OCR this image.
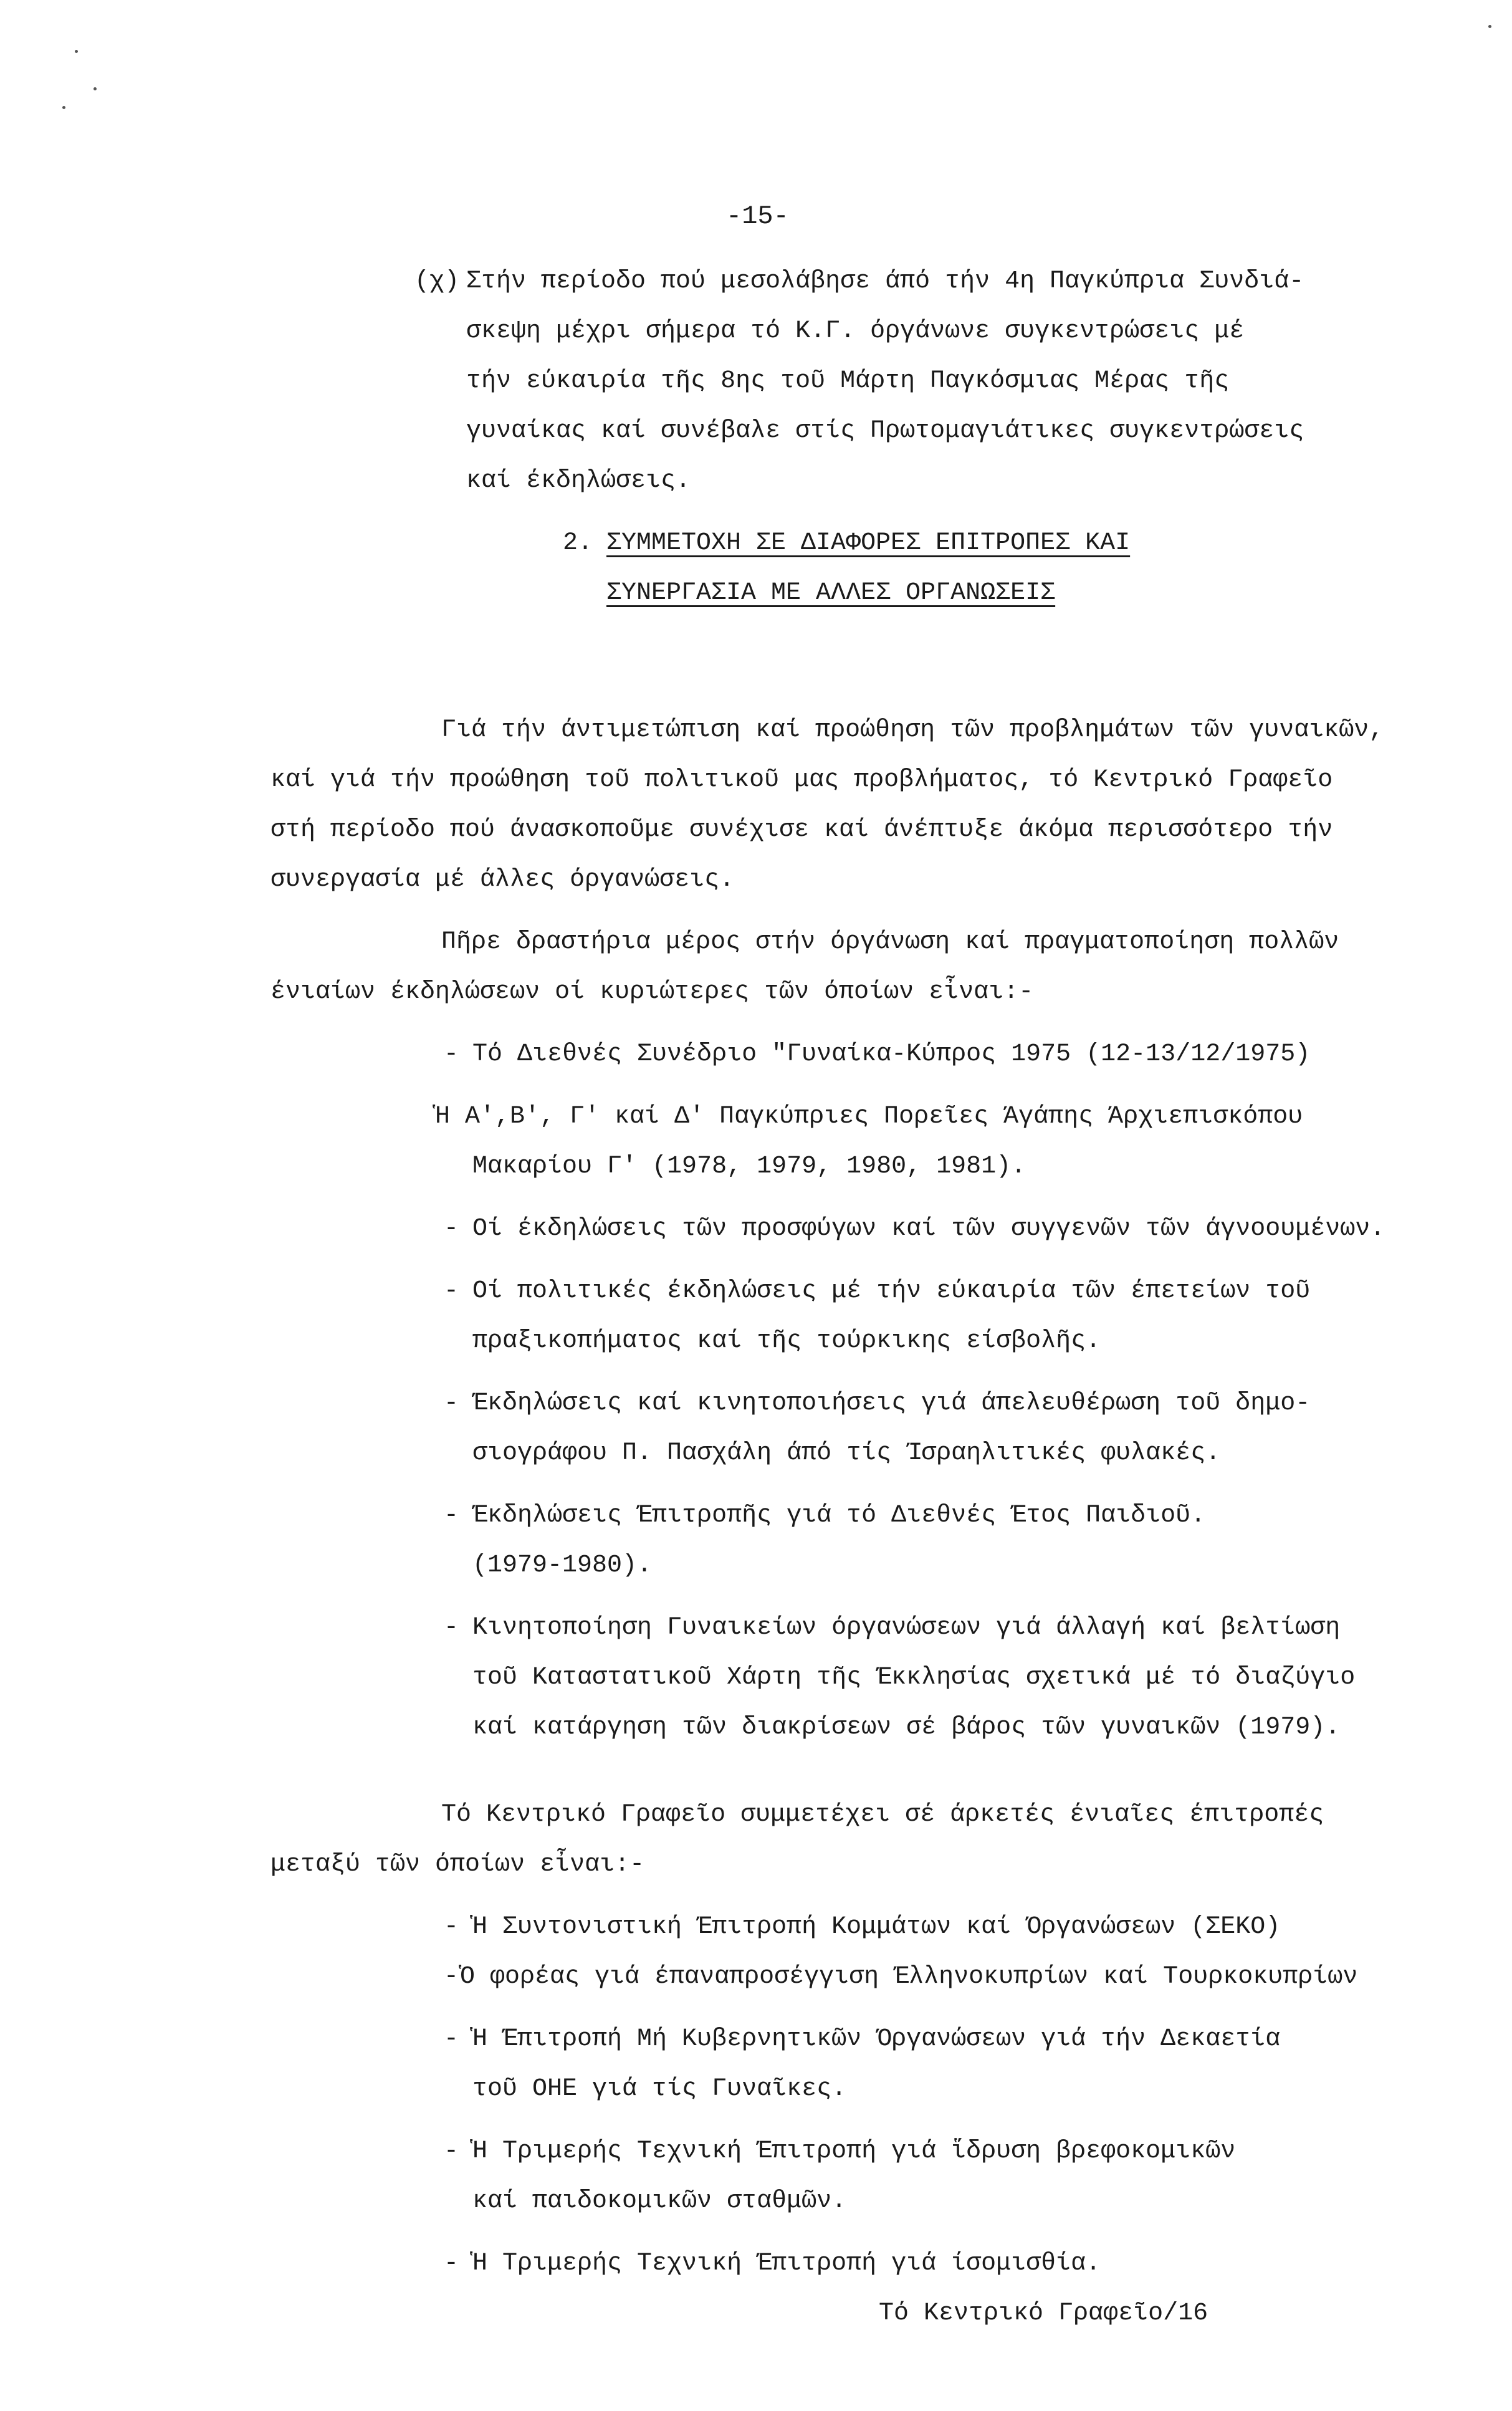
-15-
(χ) Στήν περίοδο πού μεσολάβησε άπό τήν 4η Παγκύπρια Συνδιά-
σκεψη μέχρι σήμερα τό Κ.Γ. όργάνωνε συγκεντρώσεις μέ
τήν εύκαιρία τῆς 8ης τοῦ Μάρτη Παγκόσμιας Μέρας τῆς
γυναίκας καί συνέβαλε στίς Πρωτομαγιάτικες συγκεντρώσεις
καί έκδηλώσεις.
2. ΣΥΜΜΕΤΟΧΗ ΣΕ ΔΙΑΦΟΡΕΣ ΕΠΙΤΡΟΠΕΣ ΚΑΙ
ΣΥΝΕΡΓΑΣΙΑ ΜΕ ΑΛΛΕΣ ΟΡΓΑΝΩΣΕΙΣ
Γιά τήν άντιμετώπιση καί προώθηση τῶν προβλημάτων τῶν γυναικῶν,
καί γιά τήν προώθηση τοῦ πολιτικοῦ μας προβλήματος, τό Κεντρικό Γραφεῖο
στή περίοδο πού άνασκοποῦμε συνέχισε καί άνέπτυξε άκόμα περισσότερο τήν
συνεργασία μέ άλλες όργανώσεις.
Πῆρε δραστήρια μέρος στήν όργάνωση καί πραγματοποίηση πολλῶν
ένιαίων έκδηλώσεων οί κυριώτερες τῶν όποίων εἶναι:-
- Τό Διεθνές Συνέδριο "Γυναίκα-Κύπρος 1975 (12-13/12/1975)
Ἡ Α',Β', Γ' καί Δ' Παγκύπριες Πορεῖες Άγάπης Άρχιεπισκόπου
Μακαρίου Γ' (1978, 1979, 1980, 1981).
- Οί έκδηλώσεις τῶν προσφύγων καί τῶν συγγενῶν τῶν άγνοουμένων.
- Οί πολιτικές έκδηλώσεις μέ τήν εύκαιρία τῶν έπετείων τοῦ
πραξικοπήματος καί τῆς τούρκικης είσβολῆς.
- Έκδηλώσεις καί κινητοποιήσεις γιά άπελευθέρωση τοῦ δημο-
σιογράφου Π. Πασχάλη άπό τίς Ίσραηλιτικές φυλακές.
- Έκδηλώσεις Έπιτροπῆς γιά τό Διεθνές Έτος Παιδιοῦ.
(1979-1980).
- Κινητοποίηση Γυναικείων όργανώσεων γιά άλλαγή καί βελτίωση
τοῦ Καταστατικοῦ Χάρτη τῆς Έκκλησίας σχετικά μέ τό διαζύγιο
καί κατάργηση τῶν διακρίσεων σέ βάρος τῶν γυναικῶν (1979).
Τό Κεντρικό Γραφεῖο συμμετέχει σέ άρκετές ένιαῖες έπιτροπές
μεταξύ τῶν όποίων εἶναι:-
- Ἡ Συντονιστική Έπιτροπή Κομμάτων καί Όργανώσεων (ΣΕΚΟ)
- Ὁ φορέας γιά έπαναπροσέγγιση Έλληνοκυπρίων καί Τουρκοκυπρίων
- Ἡ Έπιτροπή Μή Κυβερνητικῶν Όργανώσεων γιά τήν Δεκαετία
τοῦ ΟΗΕ γιά τίς Γυναῖκες.
- Ἡ Τριμερής Τεχνική Έπιτροπή γιά ἵδρυση βρεφοκομικῶν
καί παιδοκομικῶν σταθμῶν.
- Ἡ Τριμερής Τεχνική Έπιτροπή γιά ίσομισθία.
Τό Κεντρικό Γραφεῖο/16
